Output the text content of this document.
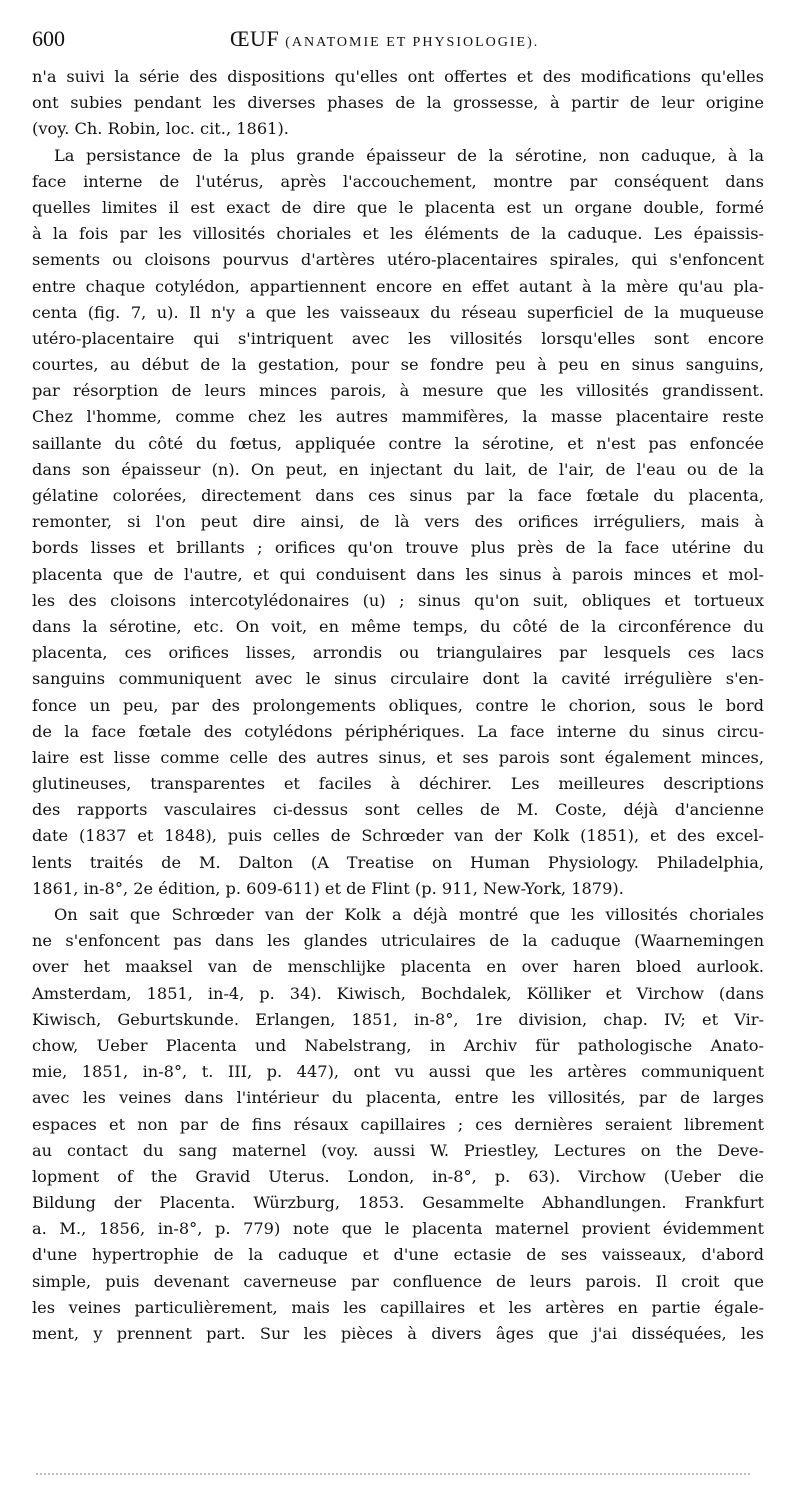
600	ŒUF (ANATOMIE ET PHYSIOLOGIE).
n'a suivi la série des dispositions qu'elles ont offertes et des modifications qu'elles
ont subies pendant les diverses phases de la grossesse, à partir de leur origine
(voy. Ch. Robin, loc. cit., 1861).
La persistance de la plus grande épaisseur de la sérotine, non caduque, à la
face interne de l'utérus, après l'accouchement, montre par conséquent dans
quelles limites il est exact de dire que le placenta est un organe double, formé
à la fois par les villosités choriales et les éléments de la caduque. Les épaissis-
sements ou cloisons pourvus d'artères utéro-placentaires spirales, qui s'enfoncent
entre chaque cotylédon, appartiennent encore en effet autant à la mère qu'au pla-
centa (fig. 7, u). Il n'y a que les vaisseaux du réseau superficiel de la muqueuse
utéro-placentaire qui s'intriquent avec les villosités lorsqu'elles sont encore
courtes, au début de la gestation, pour se fondre peu à peu en sinus sanguins,
par résorption de leurs minces parois, à mesure que les villosités grandissent.
Chez l'homme, comme chez les autres mammifères, la masse placentaire reste
saillante du côté du fœtus, appliquée contre la sérotine, et n'est pas enfoncée
dans son épaisseur (n). On peut, en injectant du lait, de l'air, de l'eau ou de la
gélatine colorées, directement dans ces sinus par la face fœtale du placenta,
remonter, si l'on peut dire ainsi, de là vers des orifices irréguliers, mais à
bords lisses et brillants ; orifices qu'on trouve plus près de la face utérine du
placenta que de l'autre, et qui conduisent dans les sinus à parois minces et mol-
les des cloisons intercotylédonaires (u) ; sinus qu'on suit, obliques et tortueux
dans la sérotine, etc. On voit, en même temps, du côté de la circonférence du
placenta, ces orifices lisses, arrondis ou triangulaires par lesquels ces lacs
sanguins communiquent avec le sinus circulaire dont la cavité irrégulière s'en-
fonce un peu, par des prolongements obliques, contre le chorion, sous le bord
de la face fœtale des cotylédons périphériques. La face interne du sinus circu-
laire est lisse comme celle des autres sinus, et ses parois sont également minces,
glutineuses, transparentes et faciles à déchirer. Les meilleures descriptions
des rapports vasculaires ci-dessus sont celles de M. Coste, déjà d'ancienne
date (1837 et 1848), puis celles de Schrœder van der Kolk (1851), et des excel-
lents traités de M. Dalton (A Treatise on Human Physiology. Philadelphia,
1861, in-8°, 2e édition, p. 609-611) et de Flint (p. 911, New-York, 1879).
On sait que Schrœder van der Kolk a déjà montré que les villosités choriales
ne s'enfoncent pas dans les glandes utriculaires de la caduque (Waarnemingen
over het maaksel van de menschlijke placenta en over haren bloed aurlook.
Amsterdam, 1851, in-4, p. 34). Kiwisch, Bochdalek, Kölliker et Virchow (dans
Kiwisch, Geburtskunde. Erlangen, 1851, in-8°, 1re division, chap. IV; et Vir-
chow, Ueber Placenta und Nabelstrang, in Archiv für pathologische Anato-
mie, 1851, in-8°, t. III, p. 447), ont vu aussi que les artères communiquent
avec les veines dans l'intérieur du placenta, entre les villosités, par de larges
espaces et non par de fins résaux capillaires ; ces dernières seraient librement
au contact du sang maternel (voy. aussi W. Priestley, Lectures on the Deve-
lopment of the Gravid Uterus. London, in-8°, p. 63). Virchow (Ueber die
Bildung der Placenta. Würzburg, 1853. Gesammelte Abhandlungen. Frankfurt
a. M., 1856, in-8°, p. 779) note que le placenta maternel provient évidemment
d'une hypertrophie de la caduque et d'une ectasie de ses vaisseaux, d'abord
simple, puis devenant caverneuse par confluence de leurs parois. Il croit que
les veines particulièrement, mais les capillaires et les artères en partie égale-
ment, y prennent part. Sur les pièces à divers âges que j'ai disséquées, les
